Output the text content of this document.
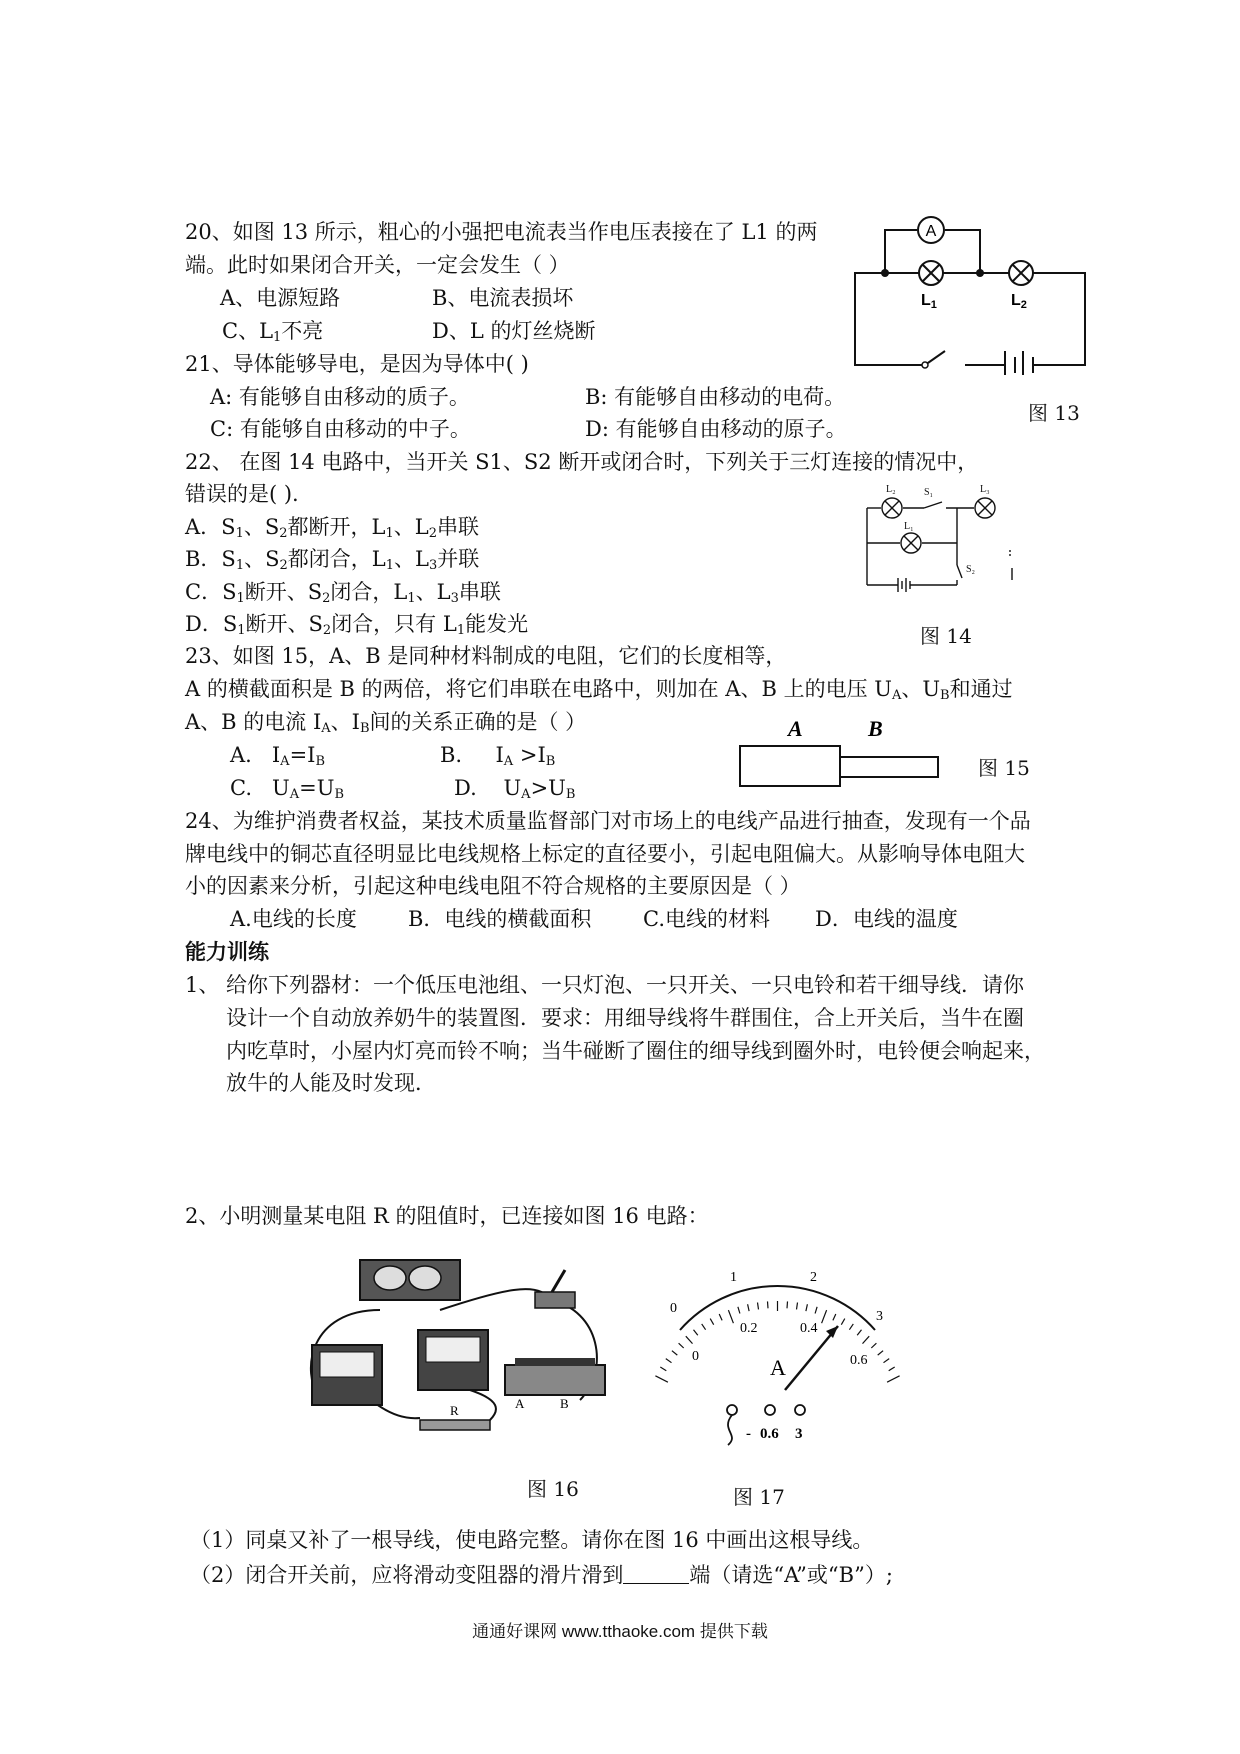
20、如图 13 所示，粗心的小强把电流表当作电压表接在了 L1 的两
端。此时如果闭合开关，一定会发生（ ）
A、电源短路	B、电流表损坏
C、$L_1$不亮	D、L 的灯丝烧断
A
L1	L2
图 13
21、导体能够导电，是因为导体中( )
A: 有能够自由移动的质子。	B: 有能够自由移动的电荷。
C: 有能够自由移动的中子。	D: 有能够自由移动的原子。
22、 在图 14 电路中，当开关 S1、S2 断开或闭合时，下列关于三灯连接的情况中，
错误的是( ).
A．$S_1$、$S_2$都断开，$L_1$、$L_2$串联
B．$S_1$、$S_2$都闭合，$L_1$、$L_3$并联
C．$S_1$断开、$S_2$闭合，$L_1$、$L_3$串联
D．$S_1$断开、$S_2$闭合，只有 $L_1$能发光
L₂	S₁	L₃
L₁
S₂
图 14
23、如图 15，A、B 是同种材料制成的电阻，它们的长度相等，
A 的横截面积是 B 的两倍，将它们串联在电路中，则加在 A、B 上的电压 $U_A$、$U_B$和通过
A、B 的电流 $I_A$、$I_B$间的关系正确的是（ ）
A. $I_A=I_B$	B. $I_A >I_B$
C. $U_A=U_B$	D. $U_A>U_B$
A	B
图 15
24、为维护消费者权益，某技术质量监督部门对市场上的电线产品进行抽查，发现有一个品
牌电线中的铜芯直径明显比电线规格上标定的直径要小，引起电阻偏大。从影响导体电阻大
小的因素来分析，引起这种电线电阻不符合规格的主要原因是（ ）
A.电线的长度 B．电线的横截面积 C.电线的材料 D．电线的温度
能力训练
1、 给你下列器材：一个低压电池组、一只灯泡、一只开关、一只电铃和若干细导线．请你
设计一个自动放养奶牛的装置图．要求：用细导线将牛群围住，合上开关后，当牛在圈
内吃草时，小屋内灯亮而铃不响；当牛碰断了圈住的细导线到圈外时，电铃便会响起来，
放牛的人能及时发现．
2、小明测量某电阻 R 的阻值时，已连接如图 16 电路：
R	A	B
图 16
A
0
1	2
3
0
0.2	0.4
0.6
- 0.6 3
图 17
（1）同桌又补了一根导线，使电路完整。请你在图 16 中画出这根导线。
（2）闭合开关前，应将滑动变阻器的滑片滑到	端（请选“A”或“B”）;
通通好课网 www.tthaoke.com 提供下载
